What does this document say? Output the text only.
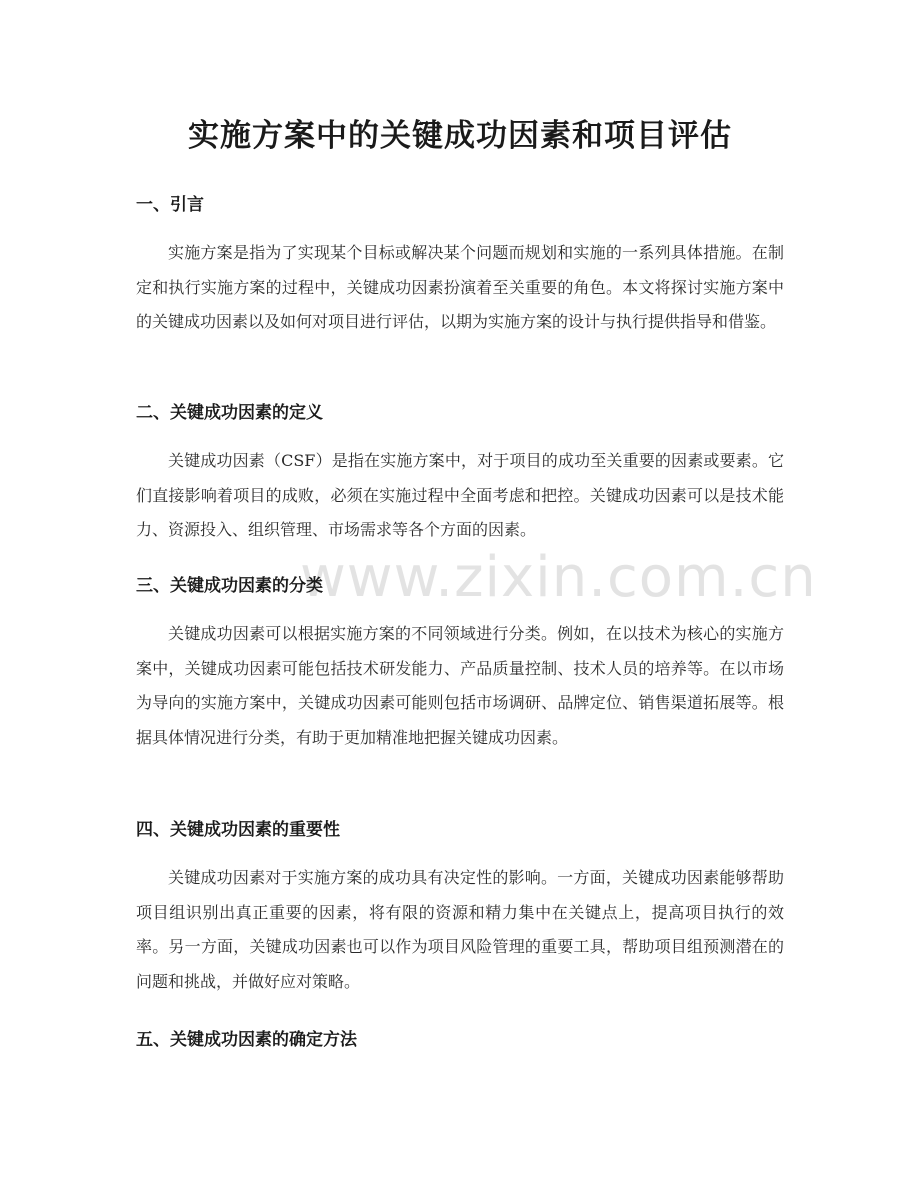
www.zixin.com.cn
实施方案中的关键成功因素和项目评估
一、引言

实施方案是指为了实现某个目标或解决某个问题而规划和实施的一系列具体措施。在制定和执行实施方案的过程中，关键成功因素扮演着至关重要的角色。本文将探讨实施方案中的关键成功因素以及如何对项目进行评估，以期为实施方案的设计与执行提供指导和借鉴。

二、关键成功因素的定义

关键成功因素（CSF）是指在实施方案中，对于项目的成功至关重要的因素或要素。它们直接影响着项目的成败，必须在实施过程中全面考虑和把控。关键成功因素可以是技术能力、资源投入、组织管理、市场需求等各个方面的因素。

三、关键成功因素的分类

关键成功因素可以根据实施方案的不同领域进行分类。例如，在以技术为核心的实施方案中，关键成功因素可能包括技术研发能力、产品质量控制、技术人员的培养等。在以市场为导向的实施方案中，关键成功因素可能则包括市场调研、品牌定位、销售渠道拓展等。根据具体情况进行分类，有助于更加精准地把握关键成功因素。

四、关键成功因素的重要性

关键成功因素对于实施方案的成功具有决定性的影响。一方面，关键成功因素能够帮助项目组识别出真正重要的因素，将有限的资源和精力集中在关键点上，提高项目执行的效率。另一方面，关键成功因素也可以作为项目风险管理的重要工具，帮助项目组预测潜在的问题和挑战，并做好应对策略。

五、关键成功因素的确定方法
